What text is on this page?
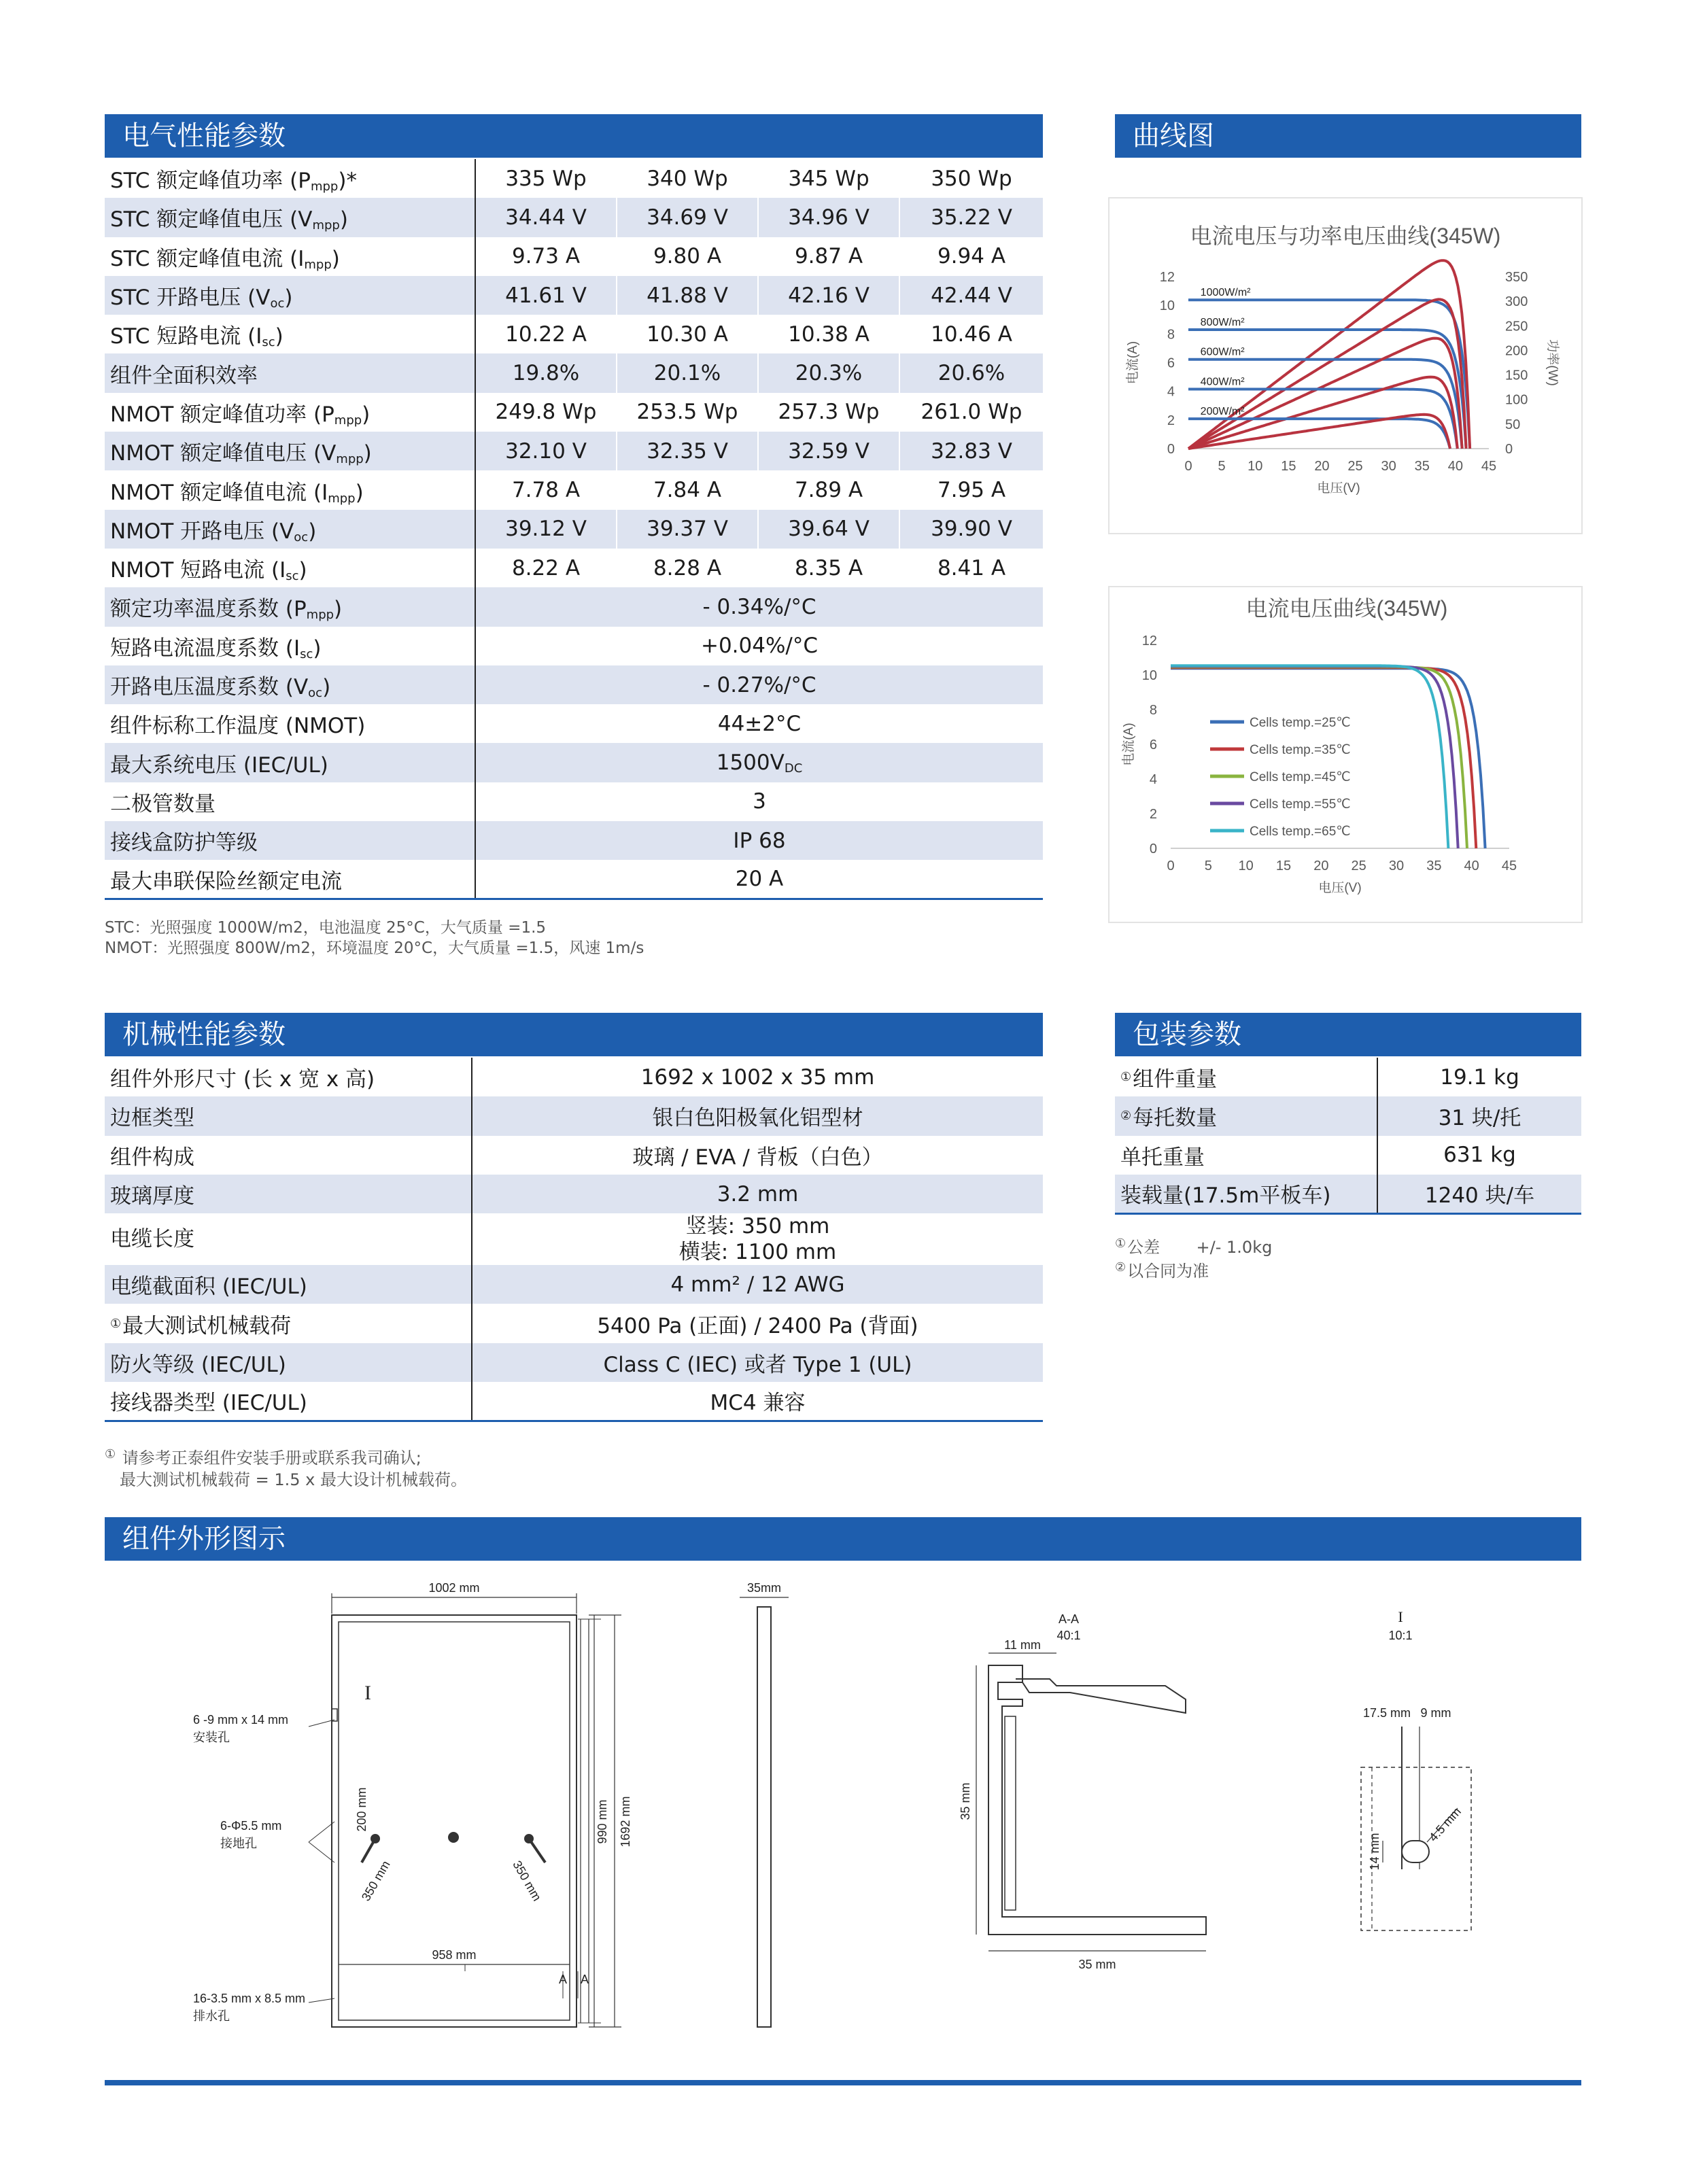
电气性能参数
STC 额定峰值功率 $(P_{mpp})*$	335 Wp	340 Wp	345 Wp	350 Wp
STC 额定峰值电压 $(V_{mpp})$	34.44 V	34.69 V	34.96 V	35.22 V
STC 额定峰值电流 $(I_{mpp})$	9.73 A	9.80 A	9.87 A	9.94 A
STC 开路电压 $(V_{oc})$	41.61 V	41.88 V	42.16 V	42.44 V
STC 短路电流 $(I_{sc})$	10.22 A	10.30 A	10.38 A	10.46 A
组件全面积效率	19.8%	20.1%	20.3%	20.6%
NMOT 额定峰值功率 $(P_{mpp})$	249.8 Wp	253.5 Wp	257.3 Wp	261.0 Wp
NMOT 额定峰值电压 $(V_{mpp})$	32.10 V	32.35 V	32.59 V	32.83 V
NMOT 额定峰值电流 $(I_{mpp})$	7.78 A	7.84 A	7.89 A	7.95 A
NMOT 开路电压 $(V_{oc})$	39.12 V	39.37 V	39.64 V	39.90 V
NMOT 短路电流 $(I_{sc})$	8.22 A	8.28 A	8.35 A	8.41 A
额定功率温度系数 $(P_{mpp})$	- 0.34%/°C			
短路电流温度系数 $(I_{sc})$	+0.04%/°C			
开路电压温度系数 $(V_{oc})$	- 0.27%/°C			
组件标称工作温度 (NMOT)	44±2°C			
最大系统电压 (IEC/UL)	$1500V_{DC}$
二极管数量	3			
接线盒防护等级	IP 68			
最大串联保险丝额定电流	20 A			
STC：光照强度 1000W/m2，电池温度 25°C，大气质量 =1.5
NMOT：光照强度 800W/m2，环境温度 20°C，大气质量 =1.5，风速 1m/s
曲线图
电流电压与功率电压曲线(345W)
0 5 10 15 20 25 30 35 40 45
0
2
4
6
8
10
12
0
50
100
150
200
250
300
350
电压(V)
电流(A)	功率(W)
1000W/m²
800W/m²
600W/m²
400W/m²
200W/m²
电流电压曲线(345W)
0 5 10 15 20 25 30 35 40 45
0
2
4
6
8
10
12
电压(V)
电流(A)	Cells temp.=25℃
Cells temp.=35℃
Cells temp.=45℃
Cells temp.=55℃
Cells temp.=65℃
机械性能参数
组件外形尺寸 (长 x 宽 x 高)	1692 x 1002 x 35 mm
边框类型	银白色阳极氧化铝型材
组件构成	玻璃 / EVA / 背板（白色）
玻璃厚度	3.2 mm
电缆长度	竖装: 350 mm
横装: 1100 mm
电缆截面积 (IEC/UL)	4 mm² / 12 AWG
①最大测试机械载荷	5400 Pa (正面) / 2400 Pa (背面)
防火等级 (IEC/UL)	Class C (IEC) 或者 Type 1 (UL)
接线器类型 (IEC/UL)	MC4 兼容
① 请参考正泰组件安装手册或联系我司确认;
最大测试机械载荷 = 1.5 x 最大设计机械载荷。
包装参数
①组件重量	19.1 kg
②每托数量	31 块/托
单托重量	631 kg
装载量(17.5m平板车)	1240 块/车
①公差       +/- 1.0kg
②以合同为准
组件外形图示
1002 mm
958 mm
1692 mm
990 mm
6 -9 mm x 14 mm
安装孔
6-Φ5.5 mm
接地孔
16-3.5 mm x 8.5 mm
排水孔
200 mm
350 mm	350 mm
I
A A
35mm
A-A
40:1
11 mm
35 mm
35 mm
I
10:1
17.5 mm 9 mm
14 mm
4.5 mm
